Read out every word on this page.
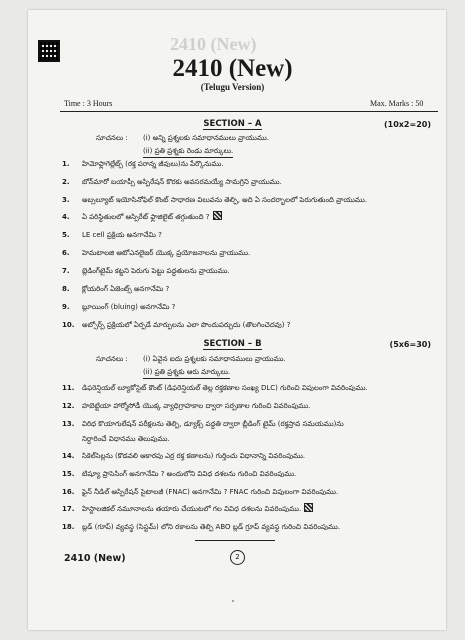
2410 (New)
2410 (New)
(Telugu Version)
Time : 3 Hours	Max. Marks : 50
SECTION – A	(10x2=20)
సూచనలు : (i) అన్ని ప్రశ్నలకు సమాధానములు వ్రాయుము.
(ii) ప్రతి ప్రశ్నకు రెండు మార్కులు.
1. హిమోఫ్లాగెల్లేట్స్ (రక్త పరాన్న జీవులు)ను పేర్కొనుము.
2. బోన్‌మారో బయాప్సీ అస్పిరేషన్ కొరకు అవసరమయ్యే సామగ్రిని వ్రాయుము.
3. అబ్సల్యూట్ ఇయోసినోఫిల్ కౌంట్ సాధారణ విలువను తెల్పి, అది ఏ సందర్భాలలో పెరుగుతుంది వ్రాయుము.
4. ఏ పరిస్థితులలో ఆస్పిరేట్ ఫ్లాజిలైట్ తగ్గుతుంది ?
5. LE cell ప్రక్రియ అనగానేమి ?
6. హెమటాలజి ఆటోఎనలైజర్ యొక్క ప్రయోజనాలను వ్రాయుము.
7. బ్లెడింగ్‌టైమ్ కట్టని పెరుగు పెట్టు పద్ధతులను వ్రాయుము.
8. క్లోయరింగ్ ఏజెంట్స్ అనగానేమి ?
9. బ్లూయింగ్ (bluing) అనగానేమి ?
10. అబ్సోర్ప్ ప్రక్రియలో ఏర్పడే మార్పులను ఎలా పొందుపర్చుదు (తొలగించెదవు) ?
SECTION – B	(5x6=30)
సూచనలు : (i) ఏవైన ఐదు ప్రశ్నలకు సమాధానములు వ్రాయుము.
(ii) ప్రతి ప్రశ్నకు ఆరు మార్కులు.
11. డిఫరెన్షియల్ ల్యూకోసైట్ కౌంట్ (డిఫరెన్షియల్ తెల్ల రక్తకణాల సంఖ్య DLC) గురించి విపులంగా వివరింపుము.
12. హబెట్టియా హార్మోసోడీ యొక్క వ్యాధిగ్రాహకాల ద్వారా సర్పణాల గురించి వివరింపుము.
13. విరిధ కొయాగులేషన్ పరీక్షలను తెల్పి, డ్యూక్స్ పద్ధతి ద్వారా బ్లీడింగ్ టైమ్ (రక్తస్రావ సమయము)ను
నిర్ధారించే విధానము తెలుపుము.
14. సికెల్‌సెల్లను (కొడవలి ఆకారపు ఎర్ర రక్త కణాలను) గుర్తించు విధానాన్ని వివరింపుము.
15. టిష్యూ ప్రాసెసింగ్ అనగానేమి ? అందులోని వివిధ దశలను గురించి వివరింపుము.
16. ఫైన్ నీడిల్ ఆస్పిరేషన్ సైటాలజీ (FNAC) అనగానేమి ? FNAC గురించి విపులంగా వివరింపుము.
17. హిస్టాలజికల్ నమూనాలను తయారు చేయుటలో గల వివిధ దశలను వివరింపుము.
18. బ్లడ్ (గూప్) వ్యవస్థ (సిస్టమ్) లోని రకాలను తెల్పి ABO బ్లడ్ గ్రూప్ వ్యవస్థ గురించి వివరింపుము.
2410 (New)	2
